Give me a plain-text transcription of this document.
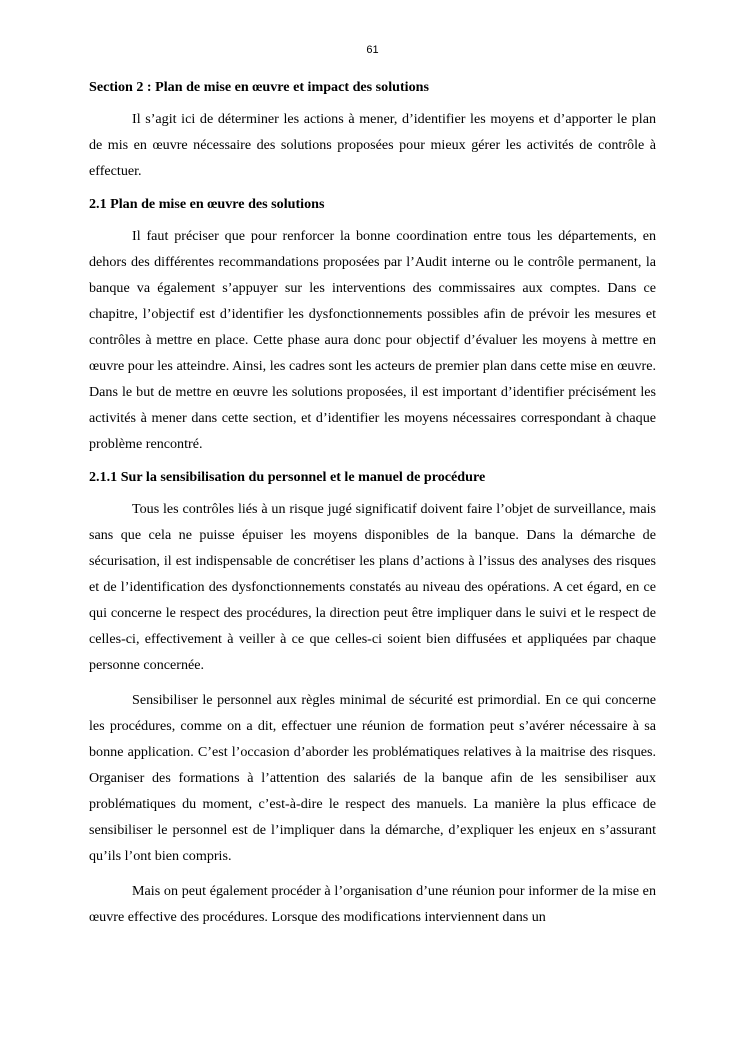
61
Section 2 : Plan de mise en œuvre et impact des solutions

Il s’agit ici de déterminer les actions à mener, d’identifier les moyens et d’apporter le plan de mis en œuvre nécessaire des solutions proposées pour mieux gérer les activités de contrôle à effectuer.

2.1 Plan de mise en œuvre des solutions

Il faut préciser que pour renforcer la bonne coordination entre tous les départements, en dehors des différentes recommandations proposées par l’Audit interne ou le contrôle permanent, la banque va également s’appuyer sur les interventions des commissaires aux comptes. Dans ce chapitre, l’objectif est d’identifier les dysfonctionnements possibles afin de prévoir les mesures et contrôles à mettre en place. Cette phase aura donc pour objectif d’évaluer les moyens à mettre en œuvre pour les atteindre. Ainsi, les cadres sont les acteurs de premier plan dans cette mise en œuvre. Dans le but de mettre en œuvre les solutions proposées, il est important d’identifier précisément les activités à mener dans cette section, et d’identifier les moyens nécessaires correspondant à chaque problème rencontré.

2.1.1 Sur la sensibilisation du personnel et le manuel de procédure

Tous les contrôles liés à un risque jugé significatif doivent faire l’objet de surveillance, mais sans que cela ne puisse épuiser les moyens disponibles de la banque. Dans la démarche de sécurisation, il est indispensable de concrétiser les plans d’actions à l’issus des analyses des risques et de l’identification des dysfonctionnements constatés au niveau des opérations. A cet égard, en ce qui concerne le respect des procédures, la direction peut être impliquer dans le suivi et le respect de celles-ci, effectivement à veiller à ce que celles-ci soient bien diffusées et appliquées par chaque personne concernée.

Sensibiliser le personnel aux règles minimal de sécurité est primordial. En ce qui concerne les procédures, comme on a dit, effectuer une réunion de formation peut s’avérer nécessaire à sa bonne application. C’est l’occasion d’aborder les problématiques relatives à la maitrise des risques. Organiser des formations à l’attention des salariés de la banque afin de les sensibiliser aux problématiques du moment, c’est-à-dire le respect des manuels. La manière la plus efficace de sensibiliser le personnel est de l’impliquer dans la démarche, d’expliquer les enjeux en s’assurant qu’ils l’ont bien compris.

Mais on peut également procéder à l’organisation d’une réunion pour informer de la mise en œuvre effective des procédures. Lorsque des modifications interviennent dans un
